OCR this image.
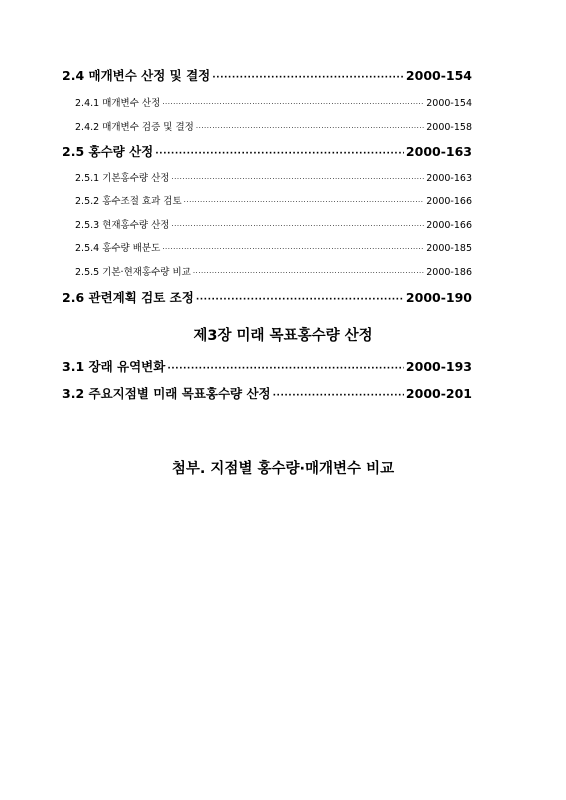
2.4 매개변수 산정 및 결정 ·····	2000-154
2.4.1 매개변수 산정 ·····	2000-154
2.4.2 매개변수 검증 및 결정 ·····	2000-158
2.5 홍수량 산정 ·····	2000-163
2.5.1 기본홍수량 산정 ·····	2000-163
2.5.2 홍수조절 효과 검토 ·····	2000-166
2.5.3 현재홍수량 산정 ·····	2000-166
2.5.4 홍수량 배분도 ·····	2000-185
2.5.5 기본·현재홍수량 비교 ·····	2000-186
2.6 관련계획 검토 조정 ·····	2000-190
제3장 미래 목표홍수량 산정
3.1 장래 유역변화 ·····	2000-193
3.2 주요지점별 미래 목표홍수량 산정 ·····	2000-201
첨부. 지점별 홍수량·매개변수 비교
